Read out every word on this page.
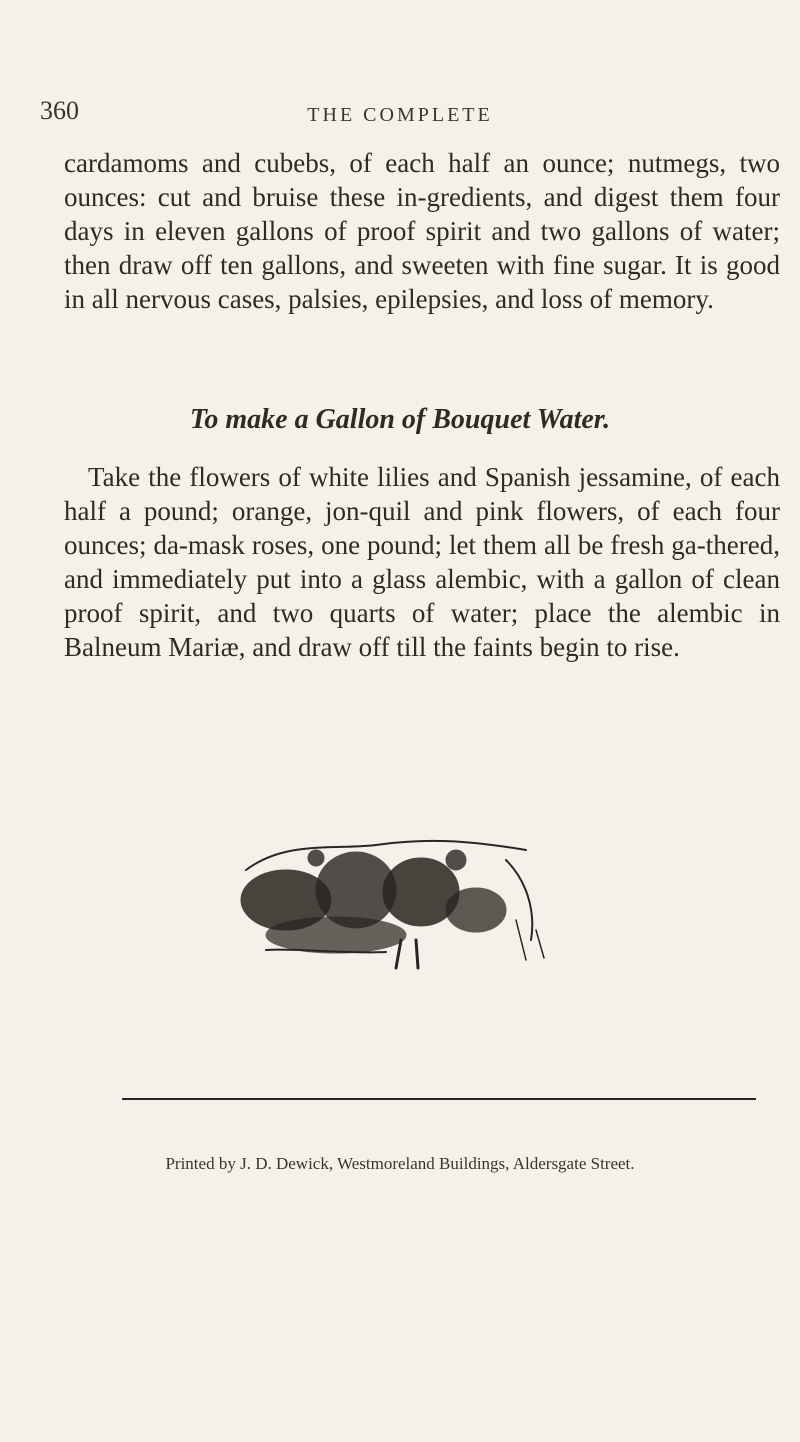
360	THE COMPLETE

cardamoms and cubebs, of each half an ounce; nutmegs, two ounces: cut and bruise these in-gredients, and digest them four days in eleven gallons of proof spirit and two gallons of water; then draw off ten gallons, and sweeten with fine sugar. It is good in all nervous cases, palsies, epilepsies, and loss of memory.

To make a Gallon of Bouquet Water.

Take the flowers of white lilies and Spanish jessamine, of each half a pound; orange, jon-quil and pink flowers, of each four ounces; da-mask roses, one pound; let them all be fresh ga-thered, and immediately put into a glass alembic, with a gallon of clean proof spirit, and two quarts of water; place the alembic in Balneum Mariæ, and draw off till the faints begin to rise.

Printed by J. D. Dewick, Westmoreland Buildings, Aldersgate Street.
